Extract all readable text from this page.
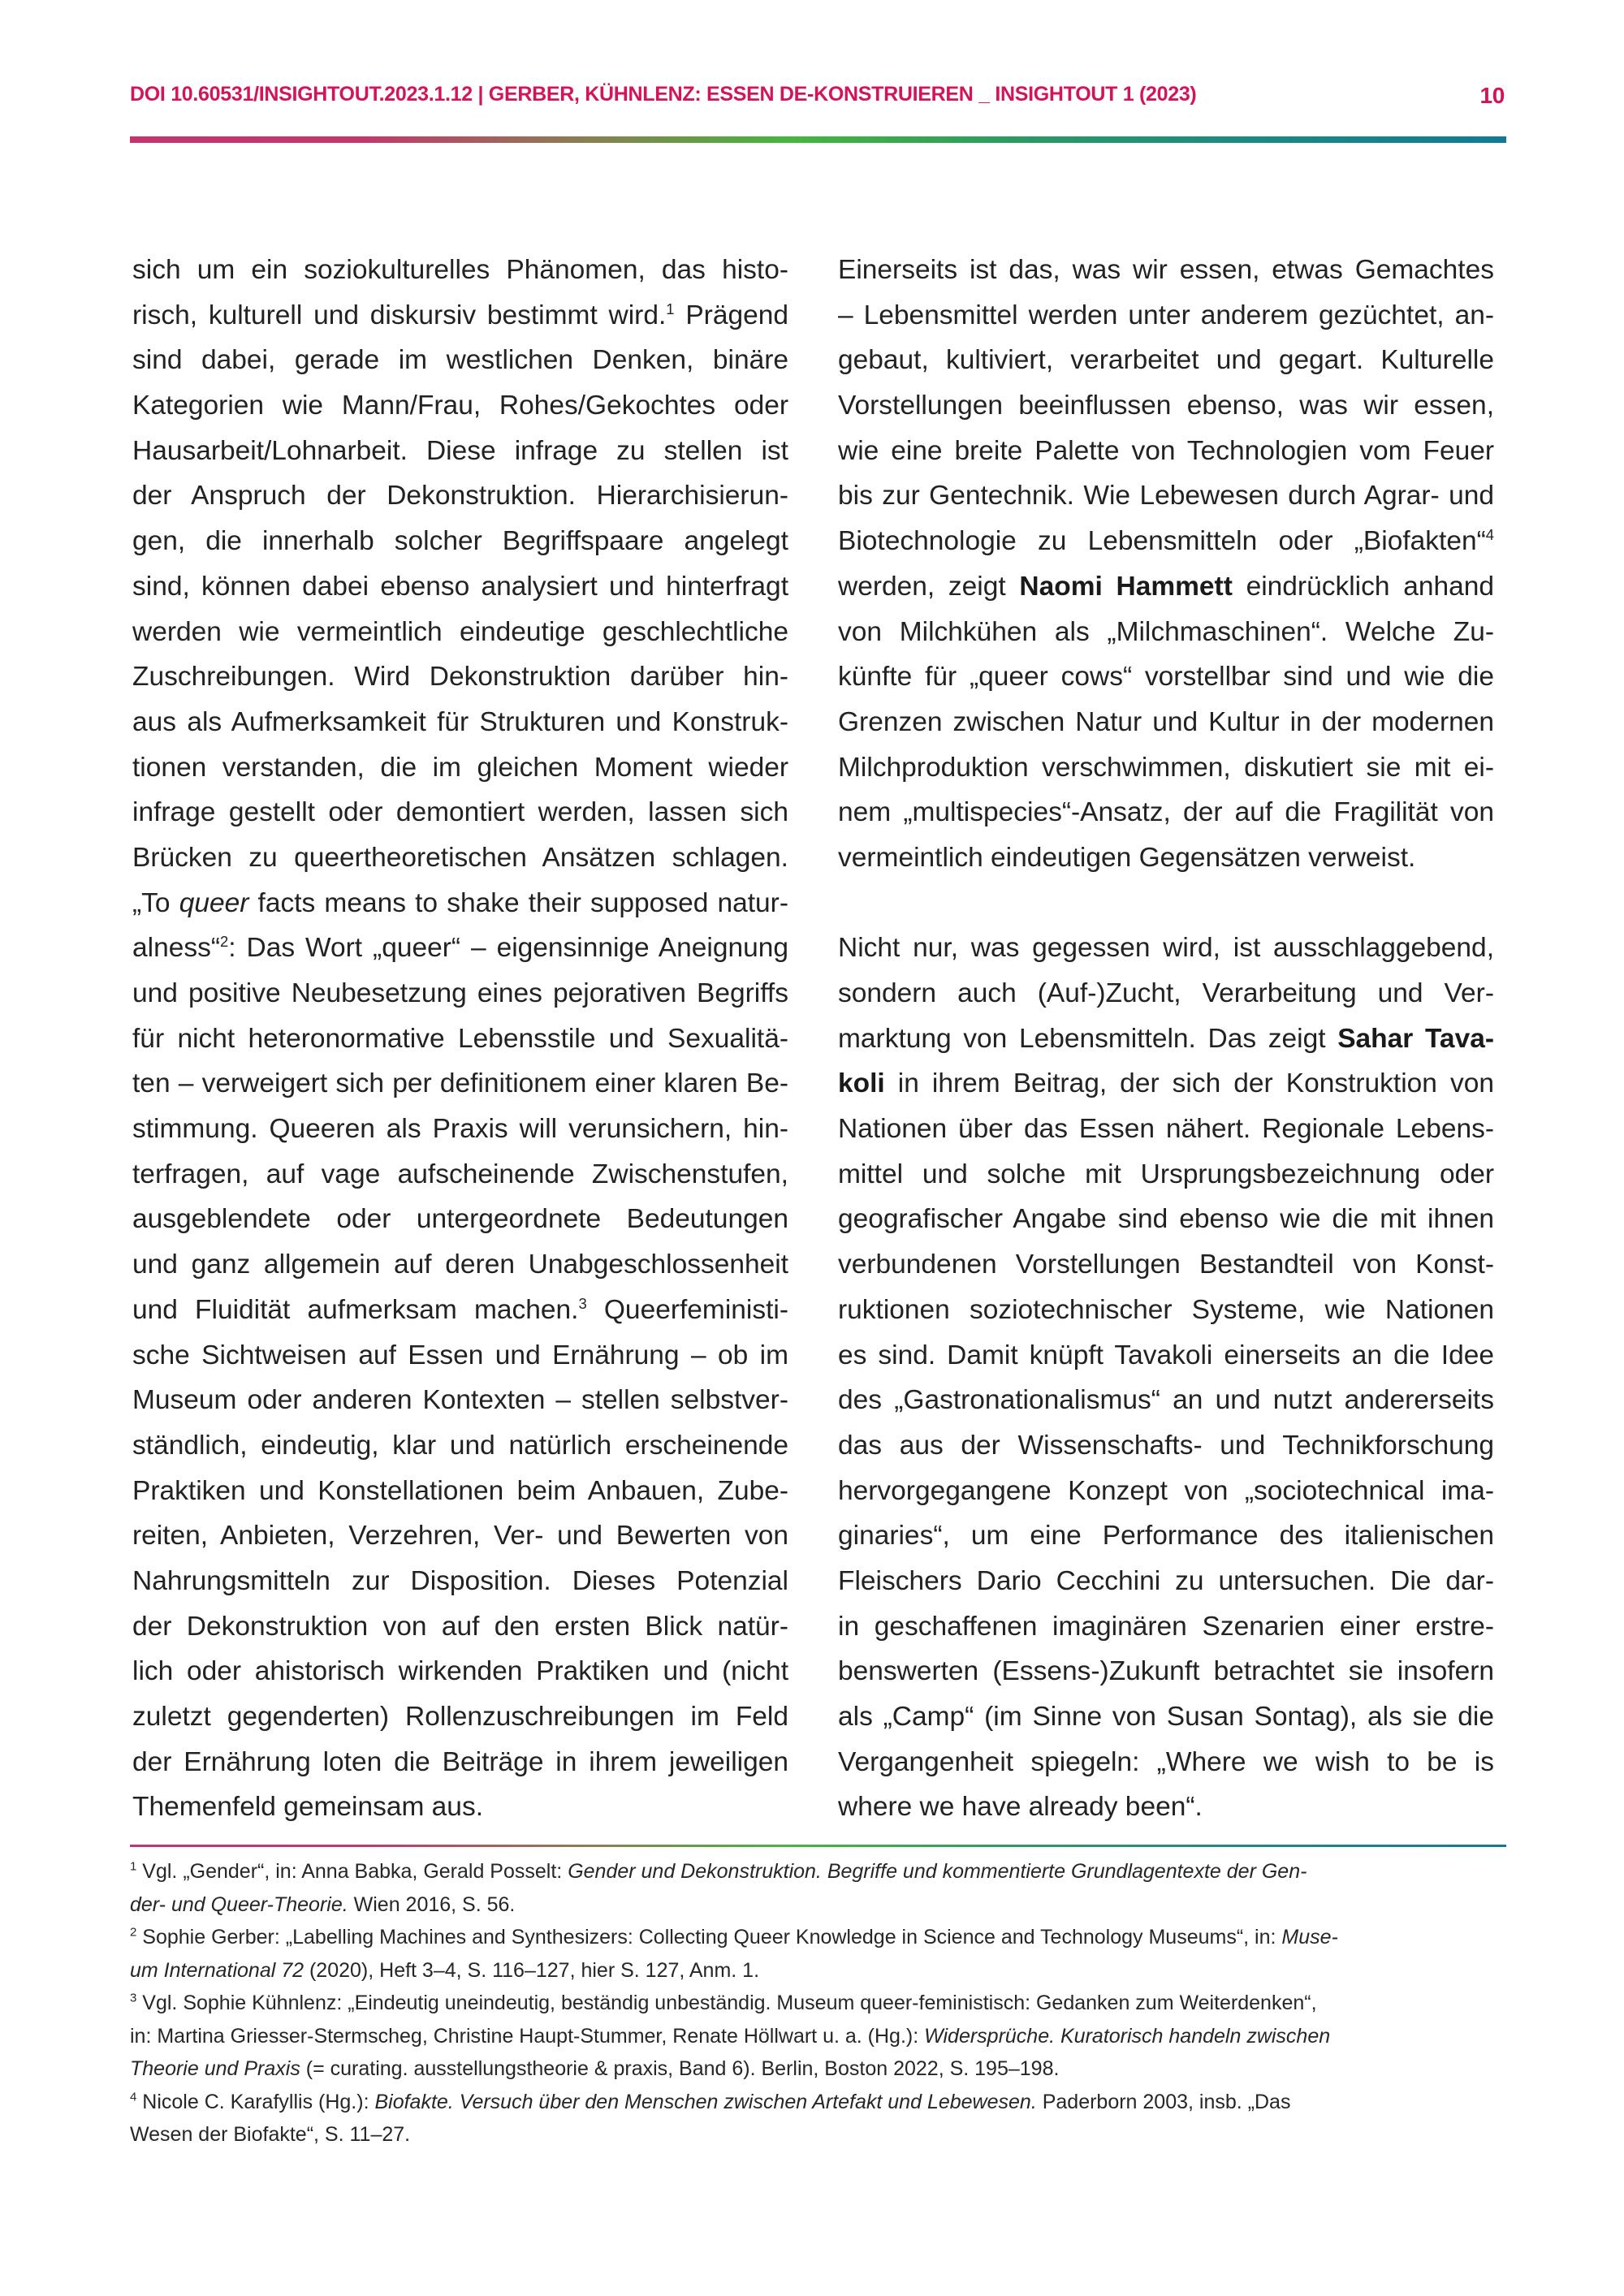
DOI 10.60531/INSIGHTOUT.2023.1.12 | GERBER, KÜHNLENZ: ESSEN DE-KONSTRUIEREN _ INSIGHTOUT 1 (2023)	10
sich um ein soziokulturelles Phänomen, das histo-
risch, kulturell und diskursiv bestimmt wird.$^1$ Prägend
sind dabei, gerade im westlichen Denken, binäre
Kategorien wie Mann/Frau, Rohes/Gekochtes oder
Hausarbeit/Lohnarbeit. Diese infrage zu stellen ist
der Anspruch der Dekonstruktion. Hierarchisierun-
gen, die innerhalb solcher Begriffspaare angelegt
sind, können dabei ebenso analysiert und hinterfragt
werden wie vermeintlich eindeutige geschlechtliche
Zuschreibungen. Wird Dekonstruktion darüber hin-
aus als Aufmerksamkeit für Strukturen und Konstruk-
tionen verstanden, die im gleichen Moment wieder
infrage gestellt oder demontiert werden, lassen sich
Brücken zu queertheoretischen Ansätzen schlagen.
„To queer facts means to shake their supposed natur-
alness“$^2$: Das Wort „queer“ – eigensinnige Aneignung
und positive Neubesetzung eines pejorativen Begriffs
für nicht heteronormative Lebensstile und Sexualitä-
ten – verweigert sich per definitionem einer klaren Be-
stimmung. Queeren als Praxis will verunsichern, hin-
terfragen, auf vage aufscheinende Zwischenstufen,
ausgeblendete oder untergeordnete Bedeutungen
und ganz allgemein auf deren Unabgeschlossenheit
und Fluidität aufmerksam machen.$^3$ Queerfeministi-
sche Sichtweisen auf Essen und Ernährung – ob im
Museum oder anderen Kontexten – stellen selbstver-
ständlich, eindeutig, klar und natürlich erscheinende
Praktiken und Konstellationen beim Anbauen, Zube-
reiten, Anbieten, Verzehren, Ver- und Bewerten von
Nahrungsmitteln zur Disposition. Dieses Potenzial
der Dekonstruktion von auf den ersten Blick natür-
lich oder ahistorisch wirkenden Praktiken und (nicht
zuletzt gegenderten) Rollenzuschreibungen im Feld
der Ernährung loten die Beiträge in ihrem jeweiligen
Themenfeld gemeinsam aus.
Einerseits ist das, was wir essen, etwas Gemachtes
– Lebensmittel werden unter anderem gezüchtet, an-
gebaut, kultiviert, verarbeitet und gegart. Kulturelle
Vorstellungen beeinflussen ebenso, was wir essen,
wie eine breite Palette von Technologien vom Feuer
bis zur Gentechnik. Wie Lebewesen durch Agrar- und
Biotechnologie zu Lebensmitteln oder „Biofakten“$^4$
werden, zeigt Naomi Hammett eindrücklich anhand
von Milchkühen als „Milchmaschinen“. Welche Zu-
künfte für „queer cows“ vorstellbar sind und wie die
Grenzen zwischen Natur und Kultur in der modernen
Milchproduktion verschwimmen, diskutiert sie mit ei-
nem „multispecies“-Ansatz, der auf die Fragilität von
vermeintlich eindeutigen Gegensätzen verweist.
Nicht nur, was gegessen wird, ist ausschlaggebend,
sondern auch (Auf-)Zucht, Verarbeitung und Ver-
marktung von Lebensmitteln. Das zeigt Sahar Tava-
koli in ihrem Beitrag, der sich der Konstruktion von
Nationen über das Essen nähert. Regionale Lebens-
mittel und solche mit Ursprungsbezeichnung oder
geografischer Angabe sind ebenso wie die mit ihnen
verbundenen Vorstellungen Bestandteil von Konst-
ruktionen soziotechnischer Systeme, wie Nationen
es sind. Damit knüpft Tavakoli einerseits an die Idee
des „Gastronationalismus“ an und nutzt andererseits
das aus der Wissenschafts- und Technikforschung
hervorgegangene Konzept von „sociotechnical ima-
ginaries“, um eine Performance des italienischen
Fleischers Dario Cecchini zu untersuchen. Die dar-
in geschaffenen imaginären Szenarien einer erstre-
benswerten (Essens-)Zukunft betrachtet sie insofern
als „Camp“ (im Sinne von Susan Sontag), als sie die
Vergangenheit spiegeln: „Where we wish to be is
where we have already been“.
$^1$ Vgl. „Gender“, in: Anna Babka, Gerald Posselt: Gender und Dekonstruktion. Begriffe und kommentierte Grundlagentexte der Gen-
der- und Queer-Theorie. Wien 2016, S. 56.
$^2$ Sophie Gerber: „Labelling Machines and Synthesizers: Collecting Queer Knowledge in Science and Technology Museums“, in: Muse-
um International 72 (2020), Heft 3–4, S. 116–127, hier S. 127, Anm. 1.
$^3$ Vgl. Sophie Kühnlenz: „Eindeutig uneindeutig, beständig unbeständig. Museum queer-feministisch: Gedanken zum Weiterdenken“,
in: Martina Griesser-Stermscheg, Christine Haupt-Stummer, Renate Höllwart u. a. (Hg.): Widersprüche. Kuratorisch handeln zwischen
Theorie und Praxis (= curating. ausstellungstheorie & praxis, Band 6). Berlin, Boston 2022, S. 195–198.
$^4$ Nicole C. Karafyllis (Hg.): Biofakte. Versuch über den Menschen zwischen Artefakt und Lebewesen. Paderborn 2003, insb. „Das
Wesen der Biofakte“, S. 11–27.
